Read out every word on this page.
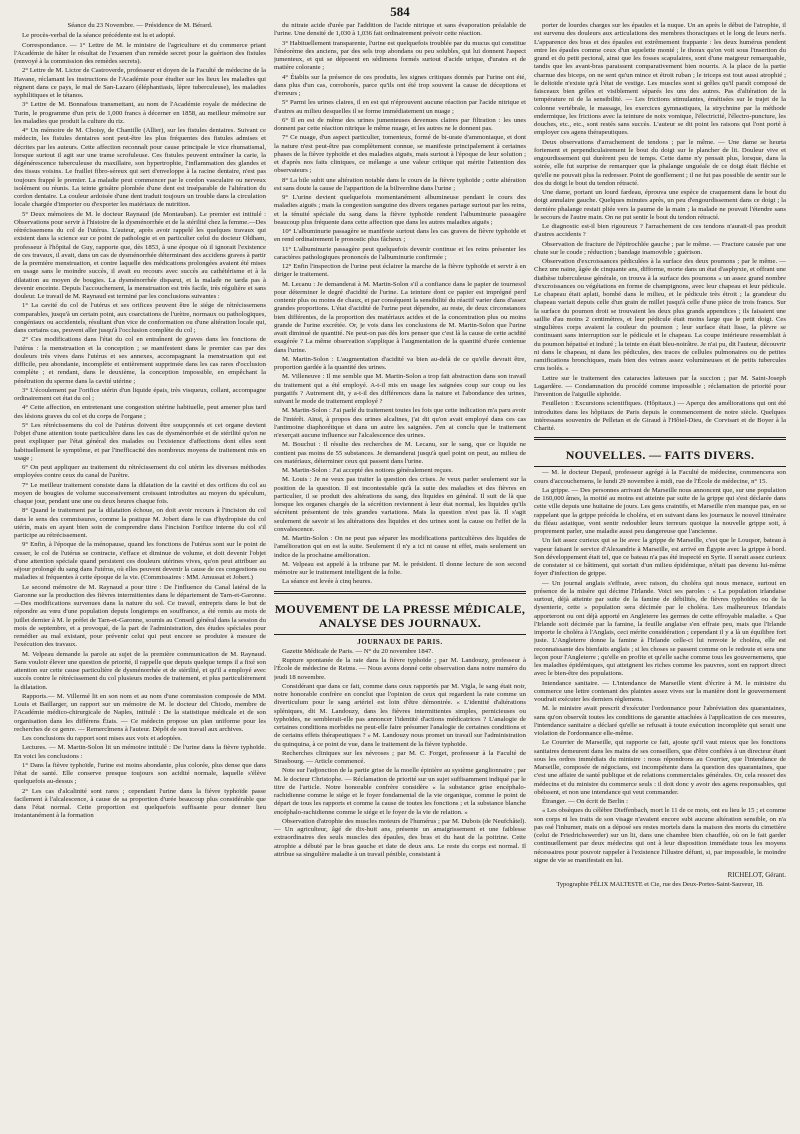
584
Séance du 23 Novembre. — Présidence de M. Bérard.

Le procès-verbal de la séance précédente est lu et adopté.

Correspondance. — 1° Lettre de M. le ministre de l'agriculture et du commerce priant l'Académie de hâter le résultat de l'examen d'un remède secret pour la guérison des fistules (renvoyé à la commission des remèdes secrets).

2° Lettre de M. Lictor de Castroverde, professeur et doyen de la Faculté de médecine de la Havane, réclamant les instructions de l'Académie pour étudier sur les lieux les maladies qui règnent dans ce pays, le mal de San-Lazaro (éléphantiasis, lèpre tuberculeuse), les maladies syphilitiques et le tétanos.

3° Lettre de M. Bonnafous transmettant, au nom de l'Académie royale de médecine de Turin, le programme d'un prix de 1,000 francs à décerner en 1858, au meilleur mémoire sur les maladies que produit la culture du riz.

4° Un mémoire de M. Choisy, de Chantille (Allier), sur les fistules dentaires. Suivant ce médecin, les fistules dentaires sont peut-être les plus fréquentes des fistules admises et décrites par les auteurs. Cette affection reconnaît pour cause principale le vice rhumatismal, lorsque surtout il agit sur une trame scrofuleuse. Ces fistules peuvent entraîner la carie, la dégénérescence tuberculeuse du maxillaire, son hypertrophie, l'inflammation des glandes et des tissus voisins. Le fraillet fibro-séreux qui sert d'enveloppe à la racine dentaire, n'est pas toujours frappé le premier. La maladie peut commencer par le cordon vasculaire ou nerveux isolément ou réunis. La teinte grisâtre plombée d'une dent est inséparable de l'altération du cordon dentaire. La couleur ardoisée d'une dent traduit toujours un trouble dans la circulation locale chargée d'importer ou d'exporter les matériaux de nutrition.

5° Deux mémoires de M. le docteur Raynaud (de Montauban). Le premier est intitulé : Observations pour servir à l'histoire de la dysménorrhée et de la stérilité chez la femme.—Des rétrécissemens du col de l'utérus. L'auteur, après avoir rappelé les quelques travaux qui existent dans la science sur ce point de pathologie et en particulier celui du docteur Oldham, professeur à l'hôpital de Guy, rapporte que, dès 1853, à une époque où il ignorait l'existence de ces travaux, il avait, dans un cas de dysménorrhée déterminant des accidens graves à partir de la première menstruation, et contre laquelle des médications prolongées avaient été mises en usage sans le moindre succès, il avait eu recours avec succès au cathétérisme et à la dilatation au moyen de bougies. La dysménorrhée disparut, et la malade ne tarda pas à devenir enceinte. Depuis l'accouchement, la menstruation est très facile, très régulière et sans douleur. Le travail de M. Raynaud est terminé par les conclusions suivantes :

1° La cavité du col de l'utérus et ses orifices peuvent être le siége de rétrécissemens comparables, jusqu'à un certain point, aux coarctations de l'urètre, normaux ou pathologiques, congéniaux ou accidentels, résultant d'un vice de conformation ou d'une altération locale qui, dans certains cas, peuvent aller jusqu'à l'occlusion complète du col ;

2° Ces modifications dans l'état du col en entraînent de graves dans les fonctions de l'utérus : la menstruation et la conception ; se manifestent dans le premier cas par des douleurs très vives dans l'utérus et ses annexes, accompagnant la menstruation qui est difficile, peu abondante, incomplète et entièrement supprimée dans les cas rares d'occlusion complète ; et rendant, dans le deuxième, la conception impossible, en empêchant la pénétration du sperme dans la cavité utérine ;

3° L'écoulement par l'orifice utérin d'un liquide épais, très visqueux, collant, accompagne ordinairement cet état du col ;

4° Cette affection, en entretenant une congestion utérine habituelle, peut amener plus tard des lésions graves du col et du corps de l'organe ;

5° Les rétrécissemens du col de l'utérus doivent être soupçonnés et cet organe devient l'objet d'une attention toute particulière dans les cas de dysménorrhée et de stérilité qu'on ne peut expliquer par l'état général des malades ou l'existence d'affections dont elles sont habituellement le symptôme, et par l'inefficacité des nombreux moyens de traitement mis en usage ;

6° On peut appliquer au traitement du rétrécissement du col utérin les diverses méthodes employées contre ceux du canal de l'urètre.

7° Le meilleur traitement consiste dans la dilatation de la cavité et des orifices du col au moyen de bougies de volume successivement croissant introduites au moyen du spéculum, chaque jour, pendant une une ou deux heures chaque fois.

8° Quand le traitement par la dilatation échoue, on doit avoir recours à l'incision du col dans le sens des commissures, comme la pratique M. Jobert dans le cas d'hydropisie du col utérin, mais en ayant bien soin de comprendre dans l'incision l'orifice interne du col s'il participe au rétrécissement.

9° Enfin, à l'époque de la ménopause, quand les fonctions de l'utérus sont sur le point de cesser, le col de l'utérus se contracte, s'efface et diminue de volume, et doit devenir l'objet d'une attention spéciale quand persistent ces douleurs utérines vives, qu'on peut attribuer au séjour prolongé du sang dans l'utérus, où elles peuvent devenir la cause de ces congestions ou maladies si fréquentes à cette époque de la vie. (Commissaires : MM. Amussat et Jobert.)

Le second mémoire de M. Raynaud a pour titre : De l'influence du Canal latéral de la Garonne sur la production des fièvres intermittentes dans le département de Tarn-et-Garonne.—Des modifications survenues dans la nature du sol. Ce travail, entrepris dans le but de répondre au vœu d'une population depuis longtemps en souffrance, a été remis au mois de juillet dernier à M. le préfet de Tarn-et-Garonne, soumis au Conseil général dans la session du mois de septembre, et a provoqué, de la part de l'administration, des études spéciales pour remédier au mal existant, pour prévenir celui qui peut encore se produire à mesure de l'exécution des travaux.

M. Velpeau demande la parole au sujet de la première communication de M. Raynaud. Sans vouloir élever une question de priorité, il rappelle que depuis quelque temps il a fixé son attention sur cette cause particulière de dysménorrhée et de stérilité, et qu'il a employé avec succès contre le rétrécissement du col plusieurs modes de traitement, et plus particulièrement la dilatation.

Rapports.— M. Villermé lit en son nom et au nom d'une commission composée de MM. Louis et Baillarger, un rapport sur un mémoire de M. le docteur del Chiodo, membre de l'Académie médico-chirurgicale de Naples, intitulé : De la statistique médicale et de son organisation dans les différens États. — Ce médecin propose un plan uniforme pour les recherches de ce genre. — Remercîmens à l'auteur. Dépôt de son travail aux archives.

Les conclusions du rapport sont mises aux voix et adoptées.

Lectures. — M. Martin-Solon lit un mémoire intitulé : De l'urine dans la fièvre typhoïde. En voici les conclusions :

1° Dans la fièvre typhoïde, l'urine est moins abondante, plus colorée, plus dense que dans l'état de santé. Elle conserve presque toujours son acidité normale, laquelle s'élève quelquefois au-dessus ;

2° Les cas d'alcalinité sont rares ; cependant l'urine dans la fièvre typhoïde passe facilement à l'alcalescence, à cause de sa proportion d'urée beaucoup plus considérable que dans l'état normal. Cette proportion est quelquefois suffisante pour donner lieu instantanément à la formation

du nitrate acide d'urée par l'addition de l'acide nitrique et sans évaporation préalable de l'urine. Une densité de 1,030 à 1,036 fait ordinairement prévoir cette réaction.

3° Habituellement transparente, l'urine est quelquefois troublée par du mucus qui constitue l'énéorème des anciens, par des sels trop abondans ou peu solubles, qui lui donnent l'aspect jumenteux, et qui se déposent en sédimens formés surtout d'acide urique, d'urates et de matière colorante ;

4° Établis sur la présence de ces produits, les signes critiques donnés par l'urine ont été, dans plus d'un cas, corroborés, parce qu'ils ont été trop souvent la cause de déceptions et d'erreurs ;

5° Parmi les urines claires, il en est qui n'éprouvent aucune réaction par l'acide nitrique et d'autres au milieu desquelles il se forme immédiatement un nuage ;

6° Il en est de même des urines jumenteuses devenues claires par filtration : les unes donnent par cette réaction nitrique le même nuage, et les autres ne le donnent pas.

7° Ce nuage, d'un aspect particulier, tomenteux, formé de bi-urate d'ammoniaque, et dont la nature n'est peut-être pas complètement connue, se manifeste principalement à certaines phases de la fièvre typhoïde et des maladies aiguës, mais surtout à l'époque de leur solution ; et d'après nos faits cliniques, ce mélange a une valeur critique qui mérite l'attention des observateurs ;

8° La bile subit une altération notable dans le cours de la fièvre typhoïde ; cette altération est sans doute la cause de l'apparition de la biliverdine dans l'urine ;

9° L'urine devient quelquefois momentanément albumineuse pendant le cours des maladies aiguës ; mais la congestion sanguine des divers organes partage surtout par les reins, et la ténuité spéciale du sang dans la fièvre typhoïde rendent l'albuminurie passagère beaucoup plus fréquente dans cette affection que dans les autres maladies aiguës ;

10° L'albuminurie passagère se manifeste surtout dans les cas graves de fièvre typhoïde et en rend ordinairement le pronostic plus fâcheux ;

11° L'albuminurie passagère peut quelquefois devenir continue et les reins présenter les caractères pathologiques prononcés de l'albuminurie confirmée ;

12° Enfin l'inspection de l'urine peut éclairer la marche de la fièvre typhoïde et servir à en diriger le traitement.

M. Lecanu : Je demanderai à M. Martin-Solon s'il a confiance dans le papier de tournesol pour déterminer le degré d'acidité de l'urine. La teinture dont ce papier est imprégné perd contenir plus ou moins de chaux, et par conséquent la sensibilité du réactif varier dans d'assez grandes proportions. L'état d'acidité de l'urine peut dépendre, au reste, de deux circonstances bien différentes, de la proportion des matériaux acides et de la concentration plus ou moins grande de l'urine excrétée. Or, je vois dans les conclusions de M. Martin-Solon que l'urine avait diminué de quantité. Ne peut-on pas dès lors penser que c'est là la cause de cette acidité exagérée ? La même observation s'applique à l'augmentation de la quantité d'urée contenue dans l'urine.

M. Martin-Solon : L'augmentation d'acidité va bien au-delà de ce qu'elle devrait être, proportion gardée à la quantité des urines.

M. Villeneuve : Il me semble que M. Martin-Solon a trop fait abstraction dans son travail du traitement qui a été employé. A-t-il mis en usage les saignées coup sur coup ou les purgatifs ? Autrement dit, y a-t-il des différences dans la nature et l'abondance des urines, suivant le mode de traitement employé ?

M. Martin-Solon : J'ai parlé du traitement toutes les fois que cette indication m'a paru avoir de l'intérêt. Ainsi, à propos des urines alcalines, j'ai dit qu'on avait employé dans ces cas l'antimoine diaphorétique et dans un autre les saignées. J'en ai conclu que le traitement n'exerçait aucune influence sur l'alcalescence des urines.

M. Bouchut : Il résulte des recherches de M. Lecanu, sur le sang, que ce liquide ne contient pas moins de 55 substances. Je demanderai jusqu'à quel point on peut, au milieu de ces matériaux, déterminer ceux qui passent dans l'urine.

M. Martin-Solon : J'ai accepté des notions généralement reçues.

M. Louis : Je ne veux pas traiter la question des crises. Je veux parler seulement sur la position de la question. Il est incontestable qu'à la suite des maladies et des fièvres en particulier, il se produit des altérations du sang, des liquides en général. Il suit de là que lorsque les organes chargés de la sécrétion reviennent à leur état normal, les liquides qu'ils sécrètent présentent de très grandes variations. Mais la question n'est pas là. Il s'agit seulement de savoir si les altérations des liquides et des urines sont la cause ou l'effet de la convalescence.

M. Martin-Solon : On ne peut pas séparer les modifications particulières des liquides de l'amélioration qui en est la suite. Seulement il n'y a ici ni cause ni effet, mais seulement un indice de la prochaine amélioration.

M. Velpeau est appelé à la tribune par M. le président. Il donne lecture de son second mémoire sur le traitement intelligent de la folie.

La séance est levée à cinq heures.

MOUVEMENT DE LA PRESSE MÉDICALE, ANALYSE DES JOURNAUX.
JOURNAUX DE PARIS.

Gazette Médicale de Paris. — N° du 20 novembre 1847.

Rupture spontanée de la rate dans la fièvre typhoïde ; par M. Landouzy, professeur à l'École de médecine de Reims. — Nous avons donné cette observation dans notre numéro du jeudi 18 novembre.

Considérant que dans ce fait, comme dans ceux rapportés par M. Vigla, le sang était noir, notre honorable confrère en conclut que l'opinion de ceux qui regardent la rate comme un diverticulum pour le sang artériel est loin d'être démontrée. « L'identité d'altérations spléniques, dit M. Landouzy, dans les fièvres intermittentes simples, pernicieuses ou typhoïdes, ne semblerait-elle pas annoncer l'identité d'actions médicatrices ? L'analogie de certaines conditions morbides ne peut-elle faire présumer l'analogie de certaines conditions et de certains effets thérapeutiques ? » M. Landouzy nous promet un travail sur l'administration du quinquina, à ce point de vue, dans le traitement de la fièvre typhoïde.

Recherches cliniques sur les névroses ; par M. C. Forget, professeur à la Faculté de Strasbourg. — Article commencé.

Note sur l'adjonction de la partie grise de la moelle épinière au système ganglionnaire ; par M. le docteur Christophe. — Réclamation de priorité sur un sujet suffisamment indiqué par le titre de l'article. Notre honorable confrère considère « la substance grise encéphalo-rachidienne comme le siége et le foyer fondamental de la vie organique, comme le point de départ de tous les rapports et comme la cause de toutes les fonctions ; et la substance blanche encéphalo-rachidienne comme le siége et le foyer de la vie de relation. »

Observation d'atrophie des muscles moteurs de l'humérus ; par M. Dubois (de Neufchâtel). — Un agriculteur, âgé de dix-huit ans, présente un amaigrissement et une faiblesse extraordinaires des seuls muscles des épaules, des bras et du haut de la poitrine. Cette atrophie a débuté par le bras gauche et date de deux ans. Le reste du corps est normal. Il attribue sa singulière maladie à un travail pénible, consistant à

porter de lourdes charges sur les épaules et la nuque. Un an après le début de l'atrophie, il est survenu des douleurs aux articulations des membres thoraciques et le long de leurs nerfs. L'apparence des bras et des épaules est extrêmement frappante : les deux humérus pendent entre les épaules comme ceux d'un squelette monté ; le thorax qu'on voit sous l'insertion du grand et du petit pectoral, ainsi que les fosses scapulaires, sont d'une maigreur remarquable, tandis que les avant-bras paraissent comparativement bien nourris. A la place de la partie charnue des biceps, on ne sent qu'un mince et étroit ruban ; le triceps est tout aussi atrophié ; le deltoïde n'existe qu'à l'état de vestige. Les muscles sont si grêles qu'il paraît composé de faisceaux bien grêles et visiblement séparés les uns des autres. Pas d'altération de la température ni de la sensibilité. — Les frictions stimulantes, émétisées sur le trajet de la colonne vertébrale, le massage, les exercices gymnastiques, la strychnine par la méthode endermique, les frictions avec la teinture de noix vomique, l'électricité, l'électro-puncture, les douches, etc., etc., sont restés sans succès. L'auteur se dit point les raisons qui l'ont porté à employer ces agens thérapeutiques.

Deux observations d'arrachement de tendons ; par le même. — Une dame se heurta fortement et perpendiculairement le bout du doigt sur le plancher de lit. Douleur vive et engourdissement qui durèrent peu de temps. Cette dame n'y pensait plus, lorsque, dans la soirée, elle fut surprise de remarquer que la phalange unguéale de ce doigt était fléchie et qu'elle ne pouvait plus la redresser. Point de gonflement ; il ne fut pas possible de sentir sur le dos du doigt le bout du tendon rétracté.

Une dame, portant un lourd fardeau, éprouva une espèce de craquement dans le bout du doigt annulaire gauche. Quelques minutes après, un peu d'engourdissement dans ce doigt ; la dernière phalange restait pliée vers la paume de la main ; la malade ne pouvait l'étendre sans le secours de l'autre main. On ne put sentir le bout du tendon rétracté.

Le diagnostic est-il bien rigoureux ? l'arrachement de ces tendons n'aurait-il pas produit d'autres accidents ?

Observation de fracture de l'épitrochlée gauche ; par le même. — Fracture causée par une chute sur le coude ; réduction ; bandage inamovible ; guérison.

Observation d'excroissances pédiculées à la surface des deux poumons ; par le même. — Chez une naine, âgée de cinquante ans, difforme, morte dans un état d'asphyxie, et offrant une diathèse tuberculeuse générale, on trouva à la surface des poumons « un assez grand nombre d'excroissances ou végétations en forme de champignons, avec leur chapeau et leur pédicule. Le chapeau était aplati, bombé dans le milieu, et le pédicule très étroit ; la grandeur du chapeau variait depuis celle d'un grain de millet jusqu'à celle d'une pièce de trois francs. Sur la surface du poumon droit se trouvaient les deux plus grands appendices ; ils faisaient une saillie d'au moins 2 centimètres, et leur pédicule était moins large que le petit doigt. Ces singulières corps avaient la couleur du poumon ; leur surface était lisse, la plèvre se continuant sans interruption sur le pédicule et le chapeau. La coupe intérieure ressemblait à du poumon hépatisé et induré ; la teinte en était bleu-noirâtre. Je n'ai pu, dit l'auteur, découvrir ni dans le chapeau, ni dans les pédicules, des traces de cellules pulmonaires ou de petites ramifications bronchiques, mais bien des veines assez volumineuses et de petits tubercules crus isolés. »

Lettre sur le traitement des cataractes laiteuses par la succion ; par M. Saint-Joseph Lagardère. — Condamnation du procédé comme impossible ; réclamation de priorité pour l'invention de l'aiguille siphoïde.

Feuilleton : Excursions scientifiques. (Hôpitaux.) — Aperçu des améliorations qui ont été introduites dans les hôpitaux de Paris depuis le commencement de notre siècle. Quelques intéressans souvenirs de Pelletan et de Giraud à l'Hôtel-Dieu, de Corvisart et de Boyer à la Charité.

NOUVELLES. — FAITS DIVERS.

— M. le docteur Depaul, professeur agrégé à la Faculté de médecine, commencera son cours d'accouchemens, le lundi 29 novembre à midi, rue de l'École de médecine, n° 15.

La grippe. — Des personnes arrivant de Marseille nous annoncent que, sur une population de 160,000 âmes, la moitié au moins est atteinte par suite de la grippe qui s'est déclarée dans cette ville depuis une huitaine de jours. Les gens craintifs, et Marseille n'en manque pas, en se rappelant que la grippe précéda le choléra, et en suivant dans les journaux le nouvel itinéraire du fléau asiatique, vont sentir redoubler leurs terreurs quoique la nouvelle grippe soit, à proprement parler, une maladie aussi peu dangereuse que l'ancienne.

Un fait assez curieux qui se lie avec la grippe de Marseille, c'est que le Louqsor, bateau à vapeur faisant le service d'Alexandrie à Marseille, est arrivé en Égypte avec la grippe à bord. Son développement était tel, que ce bateau n'a pas été inspecté en Syrie. Il serait assez curieux de constater si ce bâtiment, qui sortait d'un milieu épidémique, n'était pas devenu lui-même foyer d'infection de grippe.

— Un journal anglais s'effraie, avec raison, du choléra qui nous menace, surtout en présence de la misère qui décime l'Irlande. Voici ses paroles : « La population irlandaise surtout, déjà atteinte par suite de la famine de débilités, de fièvres typhoïdes ou de la dysenterie, cette » population sera décimée par le choléra. Les malheureux Irlandais apporteront ou ont déjà apporté en Angleterre les germes de cette effroyable maladie. » Que l'Irlande soit décimée par la famine, la feuille anglaise s'en effraie peu, mais que l'Irlande importe le choléra à l'Anglais, ceci mérite considération ; cependant il y a là un équilibre fort juste. L'Angleterre donne la famine à l'Irlande celle-ci lui renvoie le choléra, elle est reconnaissante des bienfaits anglais ; si les choses se passent comme on le redoute et sera une leçon pour l'Angleterre ; qu'elle en profite et qu'elle sache comme tous les gouvernemens, que les maladies épidémiques, qui atteignent les riches comme les pauvres, sont en rapport direct avec le bien-être des populations.

Intendance sanitaire. — L'intendance de Marseille vient d'écrire à M. le ministre du commerce une lettre contenant des plaintes assez vives sur la manière dont le gouvernement voudrait exécuter les derniers règlemens.

M. le ministre avait prescrit d'exécuter l'ordonnance pour l'abréviation des quarantaines, sans qu'on observât toutes les conditions de garantie attachées à l'application de ces mesures, l'intendance sanitaire a déclaré qu'elle se refusait à toute exécution incomplète qui serait une violation de l'ordonnance elle-même.

Le Courrier de Marseille, qui rapporte ce fait, ajoute qu'il vaut mieux que les fonctions sanitaires demeurent dans les mains de ses conseillers, que d'être confiées à un directeur étant sous les ordres immédiats du ministre : nous répondrons au Courrier, que l'intendance de Marseille, composée de négocians, est incompétente dans la question des quarantaines, que c'est une affaire de santé publique et de relations commerciales générales. Or, cela ressort des médecins et du ministre du commerce seuls : il doit donc y avoir des agens responsables, qui obéissent, et non une intendance qui veut commander.

Étranger. — On écrit de Berlin :

« Les obsèques du célèbre Dieffenbach, mort le 11 de ce mois, ont eu lieu le 15 ; et comme son corps ni les traits de son visage n'avaient encore subi aucune altération sensible, on n'a pas osé l'inhumer, mais on a déposé ses restes mortels dans la maison des morts du cimetière (celui de Friedrichswerder) sur un lit, dans une chambre bien chauffée, où on le fait garder continuellement par deux médecins qui ont à leur disposition immédiate tous les moyens nécessaires pour pouvoir rappeler à l'existence l'illustre défunt, si, par impossible, le moindre signe de vie se manifestait en lui.

RICHELOT, Gérant.
Typographie FÉLIX MALTESTE et Cie, rue des Deux-Portes-Saint-Sauveur, 18.
